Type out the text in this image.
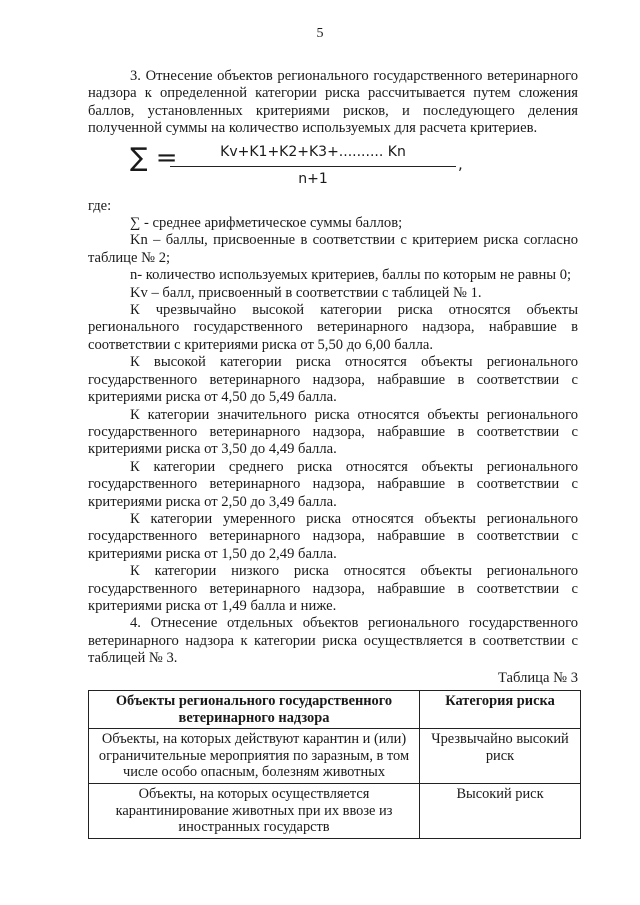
5

3. Отнесение объектов регионального государственного ветеринарного надзора к определенной категории риска рассчитывается путем сложения баллов, установленных критериями рисков, и последующего деления полученной суммы на количество используемых для расчета критериев.

∑ =
$\frac{Kv+K1+K2+K3+.......... Kn}{n+1}$ ,

где:

∑ - среднее арифметическое суммы баллов;

Kn – баллы, присвоенные в соответствии с критерием риска согласно таблице № 2;

n- количество используемых критериев, баллы по которым не равны 0;

Kv – балл, присвоенный в соответствии с таблицей № 1.

К чрезвычайно высокой категории риска относятся объекты регионального государственного ветеринарного надзора, набравшие в соответствии с критериями риска от 5,50 до 6,00 балла.

К высокой категории риска относятся объекты регионального государственного ветеринарного надзора, набравшие в соответствии с критериями риска от 4,50 до 5,49 балла.

К категории значительного риска относятся объекты регионального государственного ветеринарного надзора, набравшие в соответствии с критериями риска от 3,50 до 4,49 балла.

К категории среднего риска относятся объекты регионального государственного ветеринарного надзора, набравшие в соответствии с критериями риска от 2,50 до 3,49 балла.

К категории умеренного риска относятся объекты регионального государственного ветеринарного надзора, набравшие в соответствии с критериями риска от 1,50 до 2,49 балла.

К категории низкого риска относятся объекты регионального государственного ветеринарного надзора, набравшие в соответствии с критериями риска от 1,49 балла и ниже.

4. Отнесение отдельных объектов регионального государственного ветеринарного надзора к категории риска осуществляется в соответствии с таблицей № 3.

Таблица № 3
Объекты регионального государственного ветеринарного надзора	Категория риска
Объекты, на которых действуют карантин и (или) ограничительные мероприятия по заразным, в том числе особо опасным, болезням животных	Чрезвычайно высокий риск
Объекты, на которых осуществляется карантинирование животных при их ввозе из иностранных государств	Высокий риск
